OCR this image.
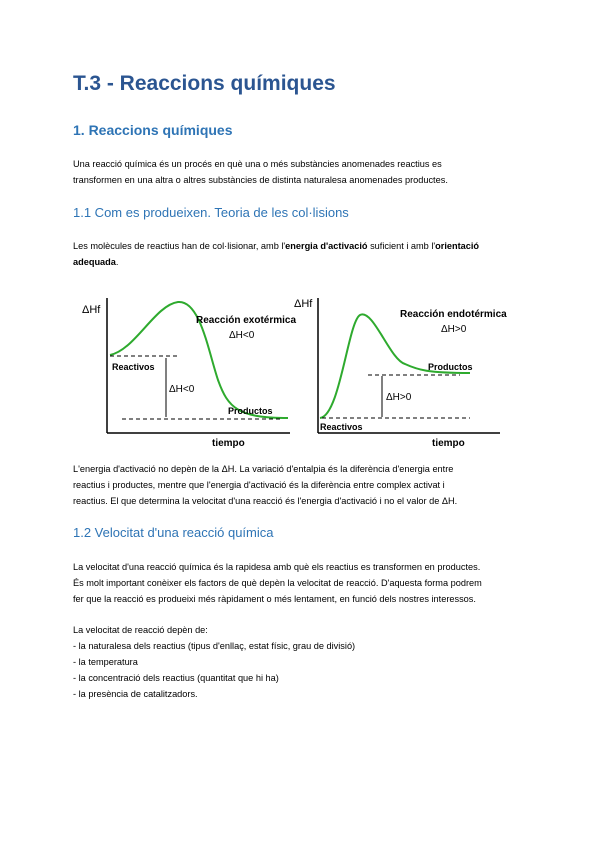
T.3 - Reaccions químiques
1. Reaccions químiques

Una reacció química és un procés en què una o més substàncies anomenades reactius es
transformen en una altra o altres substàncies de distinta naturalesa anomenades productes.

1.1 Com es produeixen. Teoria de les col·lisions

Les molècules de reactius han de col·lisionar, amb l'energia d'activació suficient i amb l'orientació
adequada.

ΔHf
tiempo
Reacción exotérmica
ΔH<0
Reactivos
ΔH<0
Productos
ΔHf
tiempo
Reacción endotérmica
ΔH>0
Productos
ΔH>0
Reactivos

L'energia d'activació no depèn de la ΔH. La variació d'entalpia és la diferència d'energia entre
reactius i productes, mentre que l'energia d'activació és la diferència entre complex activat i
reactius. El que determina la velocitat d'una reacció és l'energia d'activació i no el valor de ΔH.

1.2 Velocitat d'una reacció química

La velocitat d'una reacció química és la rapidesa amb què els reactius es transformen en productes.
És molt important conèixer els factors de què depèn la velocitat de reacció. D'aquesta forma podrem
fer que la reacció es produeixi més ràpidament o més lentament, en funció dels nostres interessos.

La velocitat de reacció depèn de:
- la naturalesa dels reactius (tipus d'enllaç, estat físic, grau de divisió)
- la temperatura
- la concentració dels reactius (quantitat que hi ha)
- la presència de catalitzadors.
